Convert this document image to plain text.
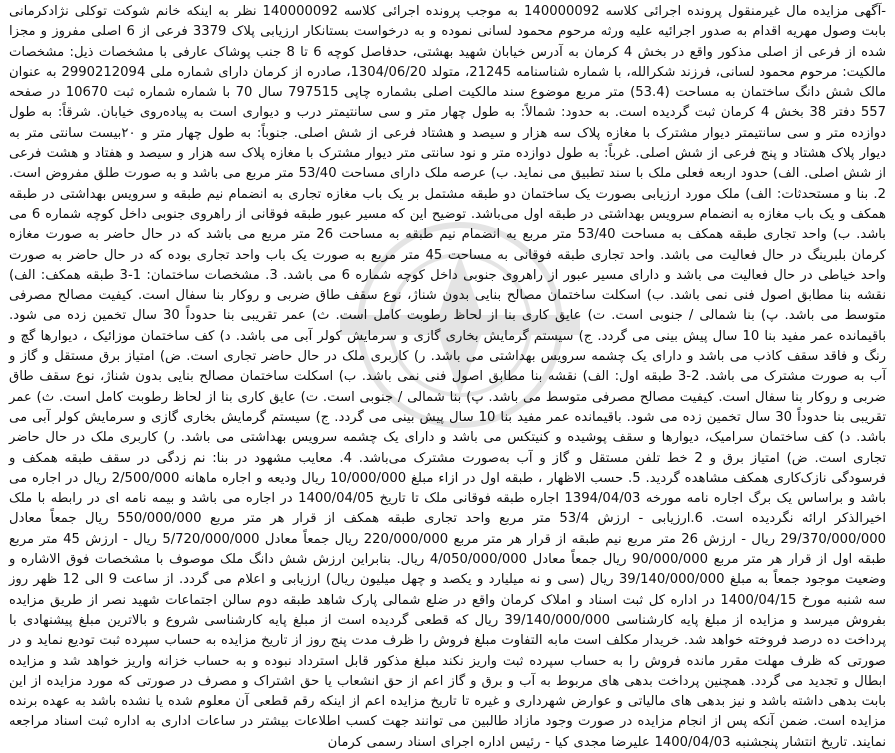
-آگهی مزایده مال غیرمنقول پرونده اجرائی کلاسه 140000092 به موجب پرونده اجرائی کلاسه 140000092 نظر به اینکه خانم شوکت توکلی نژادکرمانی بابت وصول مهریه اقدام به صدور اجرائیه علیه ورثه مرحوم محمود لسانی نموده و به درخواست بستانکار ارزیابی پلاک 3379 فرعی از 6 اصلی مفروز و مجزا شده از فرعی از اصلی مذکور واقع در بخش 4 کرمان به آدرس خیابان شهید بهشتی، حدفاصل کوچه 6 تا 8 جنب پوشاک عارفی با مشخصات ذیل: مشخصات مالکیت: مرحوم محمود لسانی، فرزند شکرالله، با شماره شناسنامه 21245، متولد 1304/06/20، صادره از کرمان دارای شماره ملی 2990212094 به عنوان مالک شش دانگ ساختمان به مساحت (53.4) متر مربع موضوع سند مالکیت اصلی بشماره چاپی 797515 سال 70 با شماره شماره ثبت 10670 در صفحه 557 دفتر 38 بخش 4 کرمان ثبت گردیده است. به حدود: شمالاً: به طول چهار متر و سی سانتیمتر درب و دیواری است به پیاده‌روی خیابان. شرقاً: به طول دوازده متر و سی سانتیمتر دیوار مشترک با مغازه پلاک سه هزار و سیصد و هشتاد فرعی از شش اصلی. جنوباً: به طول چهار متر و ۲۰بیست سانتی متر به دیوار پلاک هشتاد و پنج فرعی از شش اصلی. غرباً: به طول دوازده متر و نود سانتی متر دیوار مشترک با مغازه پلاک سه هزار و سیصد و هفتاد و هشت فرعی از شش اصلی. الف) حدود اربعه فعلی ملک با سند تطبیق می نماید. ب) عرصه ملک دارای مساحت 53/40 متر مربع می باشد و به صورت طلق مفروض است. 2. بنا و مستحدثات: الف) ملک مورد ارزیابی بصورت یک ساختمان دو طبقه مشتمل بر یک باب مغازه تجاری به انضمام نیم طبقه و سرویس بهداشتی در طبقه همکف و یک باب مغازه به انضمام سرویس بهداشتی در طبقه اول می‌باشد. توضیح این که مسیر عبور طبقه فوقانی از راهروی جنوبی داخل کوچه شماره 6 می باشد. ب) واحد تجاری طبقه همکف به مساحت 53/40 متر مربع به انضمام نیم طبقه به مساحت 26 متر مربع می باشد که در حال حاضر به صورت مغازه کرمان بلبرینگ در حال فعالیت می باشد. واحد تجاری طبقه فوقانی به مساحت 45 متر مربع به صورت یک باب واحد تجاری بوده که در حال حاضر به صورت واحد خیاطی در حال فعالیت می باشد و دارای مسیر عبور از راهروی جنوبی داخل کوچه شماره 6 می باشد. 3. مشخصات ساختمان: 1-3 طبقه همکف: الف) نقشه بنا مطابق اصول فنی نمی باشد. ب) اسکلت ساختمان مصالح بنایی بدون شناژ، نوع سقف طاق ضربی و روکار بنا سفال است. کیفیت مصالح مصرفی متوسط می باشد. پ) بنا شمالی / جنوبی است. ت) عایق کاری بنا از لحاظ رطوبت کامل است. ث) عمر تقریبی بنا حدوداً 30 سال تخمین زده می شود. باقیمانده عمر مفید بنا 10 سال پیش بینی می گردد. ج) سیستم گرمایش بخاری گازی و سرمایش کولر آبی می باشد. د) کف ساختمان موزائیک ، دیوارها گچ و رنگ و فاقد سقف کاذب می باشد و دارای یک چشمه سرویس بهداشتی می باشد. ر) کاربری ملک در حال حاضر تجاری است. ض) امتیاز برق مستقل و گاز و آب به صورت مشترک می باشد. 2-3 طبقه اول: الف) نقشه بنا مطابق اصول فنی نمی باشد. ب) اسکلت ساختمان مصالح بنایی بدون شناژ، نوع سقف طاق ضربی و روکار بنا سفال است. کیفیت مصالح مصرفی متوسط می باشد. پ) بنا شمالی / جنوبی است. ت) عایق کاری بنا از لحاظ رطوبت کامل است. ث) عمر تقریبی بنا حدوداً 30 سال تخمین زده می شود. باقیمانده عمر مفید بنا 10 سال پیش بینی می گردد. ج) سیستم گرمایش بخاری گازی و سرمایش کولر آبی می باشد. د) کف ساختمان سرامیک، دیوارها و سقف پوشیده و کنیتکس می باشد و دارای یک چشمه سرویس بهداشتی می باشد. ر) کاربری ملک در حال حاضر تجاری است. ض) امتیاز برق و 2 خط تلفن مستقل و گاز و آب به‌صورت مشترک می‌باشد. 4. معایب مشهود در بنا: نم زدگی در سقف طبقه همکف و فرسودگی نازک‌کاری همکف مشاهده گردید. 5. حسب الاظهار ، طبقه اول در ازاء مبلغ 10/000/000 ریال ودیعه و اجاره ماهانه 2/500/000 ریال در اجاره می باشد و براساس یک برگ اجاره نامه مورخه 1394/04/03 اجاره طبقه فوقانی ملک تا تاریخ 1400/04/05 در اجاره می باشد و بیمه نامه ای در رابطه با ملک اخیرالذکر ارائه نگردیده است. 6.ارزیابی - ارزش 53/4 متر مربع واحد تجاری طبقه همکف از قرار هر متر مربع 550/000/000 ریال جمعاً معادل 29/370/000/000 ریال - ارزش 26 متر مربع نیم طبقه از قرار هر متر مربع 220/000/000 ریال جمعاً معادل 5/720/000/000 ریال - ارزش 45 متر مربع طبقه اول از قرار هر متر مربع 90/000/000 ریال جمعاً معادل 4/050/000/000 ریال. بنابراین ارزش شش دانگ ملک موصوف با مشخصات فوق الاشاره و وضعیت موجود جمعاً به مبلغ 39/140/000/000 ریال (سی و نه میلیارد و یکصد و چهل میلیون ریال) ارزیابی و اعلام می گردد. از ساعت 9 الی 12 ظهر روز سه شنبه مورخ 1400/04/15 در اداره کل ثبت اسناد و املاک کرمان واقع در ضلع شمالی پارک شاهد طبقه دوم سالن اجتماعات شهید نصر از طریق مزایده بفروش میرسد و مزایده از مبلغ پایه کارشناسی 39/140/000/000 ریال که قطعی گردیده است از مبلغ پایه کارشناسی شروع و بالاترین مبلغ پیشنهادی با پرداخت ده درصد فروخته خواهد شد. خریدار مکلف است مابه التفاوت مبلغ فروش را ظرف مدت پنج روز از تاریخ مزایده به حساب سپرده ثبت تودیع نماید و در صورتی که ظرف مهلت مقرر مانده فروش را به حساب سپرده ثبت واریز نکند مبلغ مذکور قابل استرداد نبوده و به حساب خزانه واریز خواهد شد و مزایده ابطال و تجدید می گردد. همچنین پرداخت بدهی های مربوط به آب و برق و گاز اعم از حق انشعاب یا حق اشتراک و مصرف در صورتی که مورد مزایده از این بابت بدهی داشته باشد و نیز بدهی های مالیاتی و عوارض شهرداری و غیره تا تاریخ مزایده اعم از اینکه رقم قطعی آن معلوم شده یا نشده باشد به عهده برنده مزایده است. ضمن آنکه پس از انجام مزایده در صورت وجود مازاد طالبین می توانند جهت کسب اطلاعات بیشتر در ساعات اداری به اداره ثبت اسناد مراجعه نمایند. تاریخ انتشار پنجشنبه 1400/04/03 علیرضا مجدی کیا - رئیس اداره اجرای اسناد رسمی کرمان
